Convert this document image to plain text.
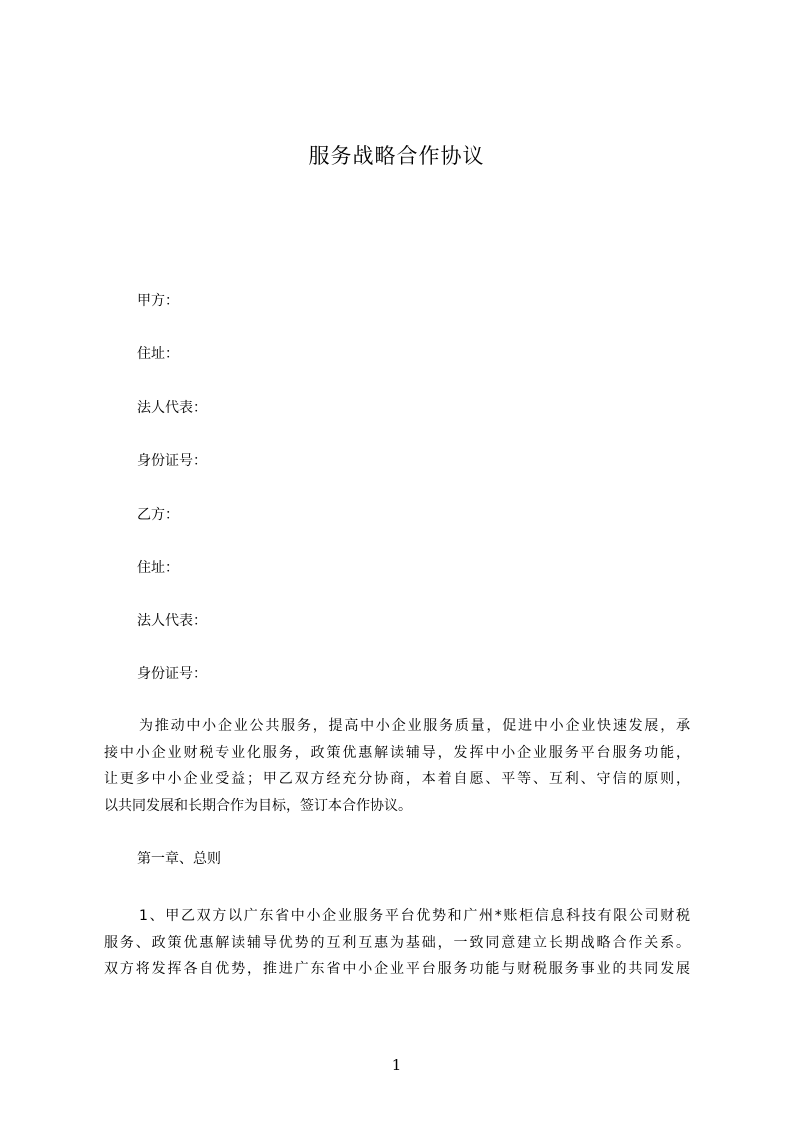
服务战略合作协议
甲方：
住址：
法人代表：
身份证号：
乙方：
住址：
法人代表：
身份证号：
为推动中小企业公共服务，提高中小企业服务质量，促进中小企业快速发展，承
接中小企业财税专业化服务，政策优惠解读辅导，发挥中小企业服务平台服务功能，
让更多中小企业受益；甲乙双方经充分协商，本着自愿、平等、互利、守信的原则，
以共同发展和长期合作为目标，签订本合作协议。
第一章、总则
1、甲乙双方以广东省中小企业服务平台优势和广州*账柜信息科技有限公司财税
服务、政策优惠解读辅导优势的互利互惠为基础，一致同意建立长期战略合作关系。
双方将发挥各自优势，推进广东省中小企业平台服务功能与财税服务事业的共同发展
1
